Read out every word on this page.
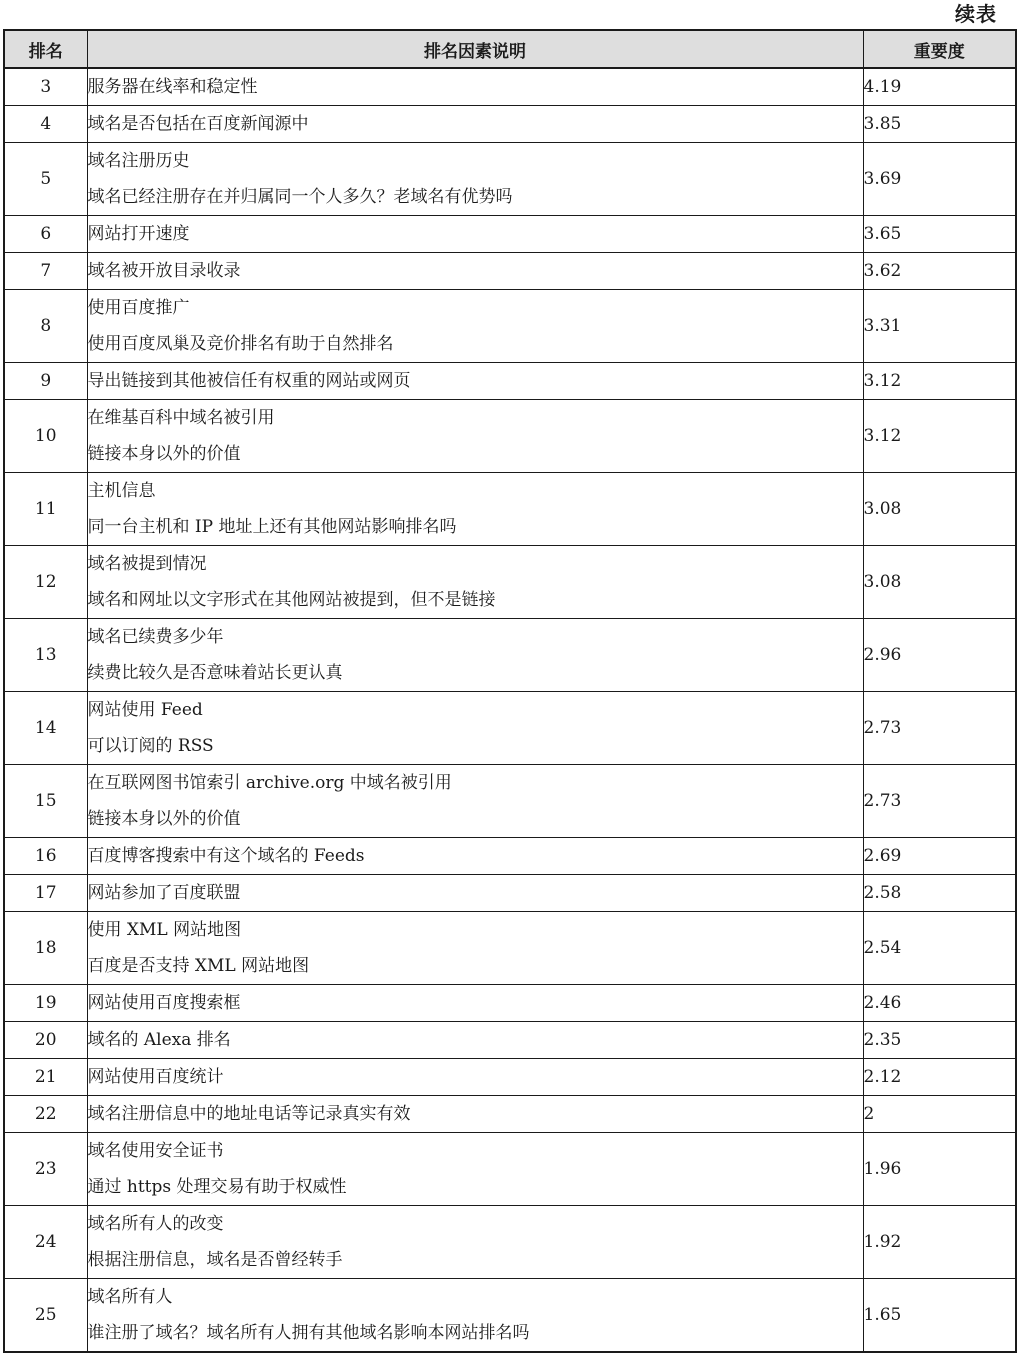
续表
排名	排名因素说明	重要度
3	服务器在线率和稳定性	4.19
4	域名是否包括在百度新闻源中	3.85
5	域名注册历史
域名已经注册存在并归属同一个人多久？老域名有优势吗	3.69
6	网站打开速度	3.65
7	域名被开放目录收录	3.62
8	使用百度推广
使用百度凤巢及竞价排名有助于自然排名	3.31
9	导出链接到其他被信任有权重的网站或网页	3.12
10	在维基百科中域名被引用
链接本身以外的价值	3.12
11	主机信息
同一台主机和 IP 地址上还有其他网站影响排名吗	3.08
12	域名被提到情况
域名和网址以文字形式在其他网站被提到，但不是链接	3.08
13	域名已续费多少年
续费比较久是否意味着站长更认真	2.96
14	网站使用 Feed
可以订阅的 RSS	2.73
15	在互联网图书馆索引 archive.org 中域名被引用
链接本身以外的价值	2.73
16	百度博客搜索中有这个域名的 Feeds	2.69
17	网站参加了百度联盟	2.58
18	使用 XML 网站地图
百度是否支持 XML 网站地图	2.54
19	网站使用百度搜索框	2.46
20	域名的 Alexa 排名	2.35
21	网站使用百度统计	2.12
22	域名注册信息中的地址电话等记录真实有效	2
23	域名使用安全证书
通过 https 处理交易有助于权威性	1.96
24	域名所有人的改变
根据注册信息，域名是否曾经转手	1.92
25	域名所有人
谁注册了域名？域名所有人拥有其他域名影响本网站排名吗	1.65
